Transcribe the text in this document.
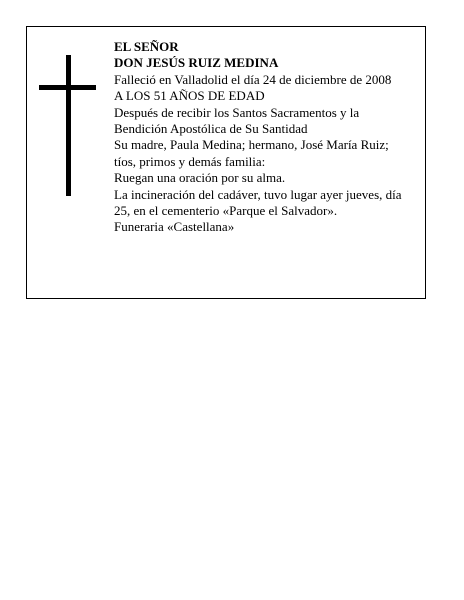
EL SEÑOR
DON JESÚS RUIZ MEDINA
Falleció en Valladolid el día 24 de diciembre de 2008
A LOS 51 AÑOS DE EDAD
Después de recibir los Santos Sacramentos y la
Bendición Apostólica de Su Santidad
Su madre, Paula Medina; hermano, José María Ruiz;
tíos, primos y demás familia:
Ruegan una oración por su alma.
La incineración del cadáver, tuvo lugar ayer jueves, día
25, en el cementerio «Parque el Salvador».
Funeraria «Castellana»
